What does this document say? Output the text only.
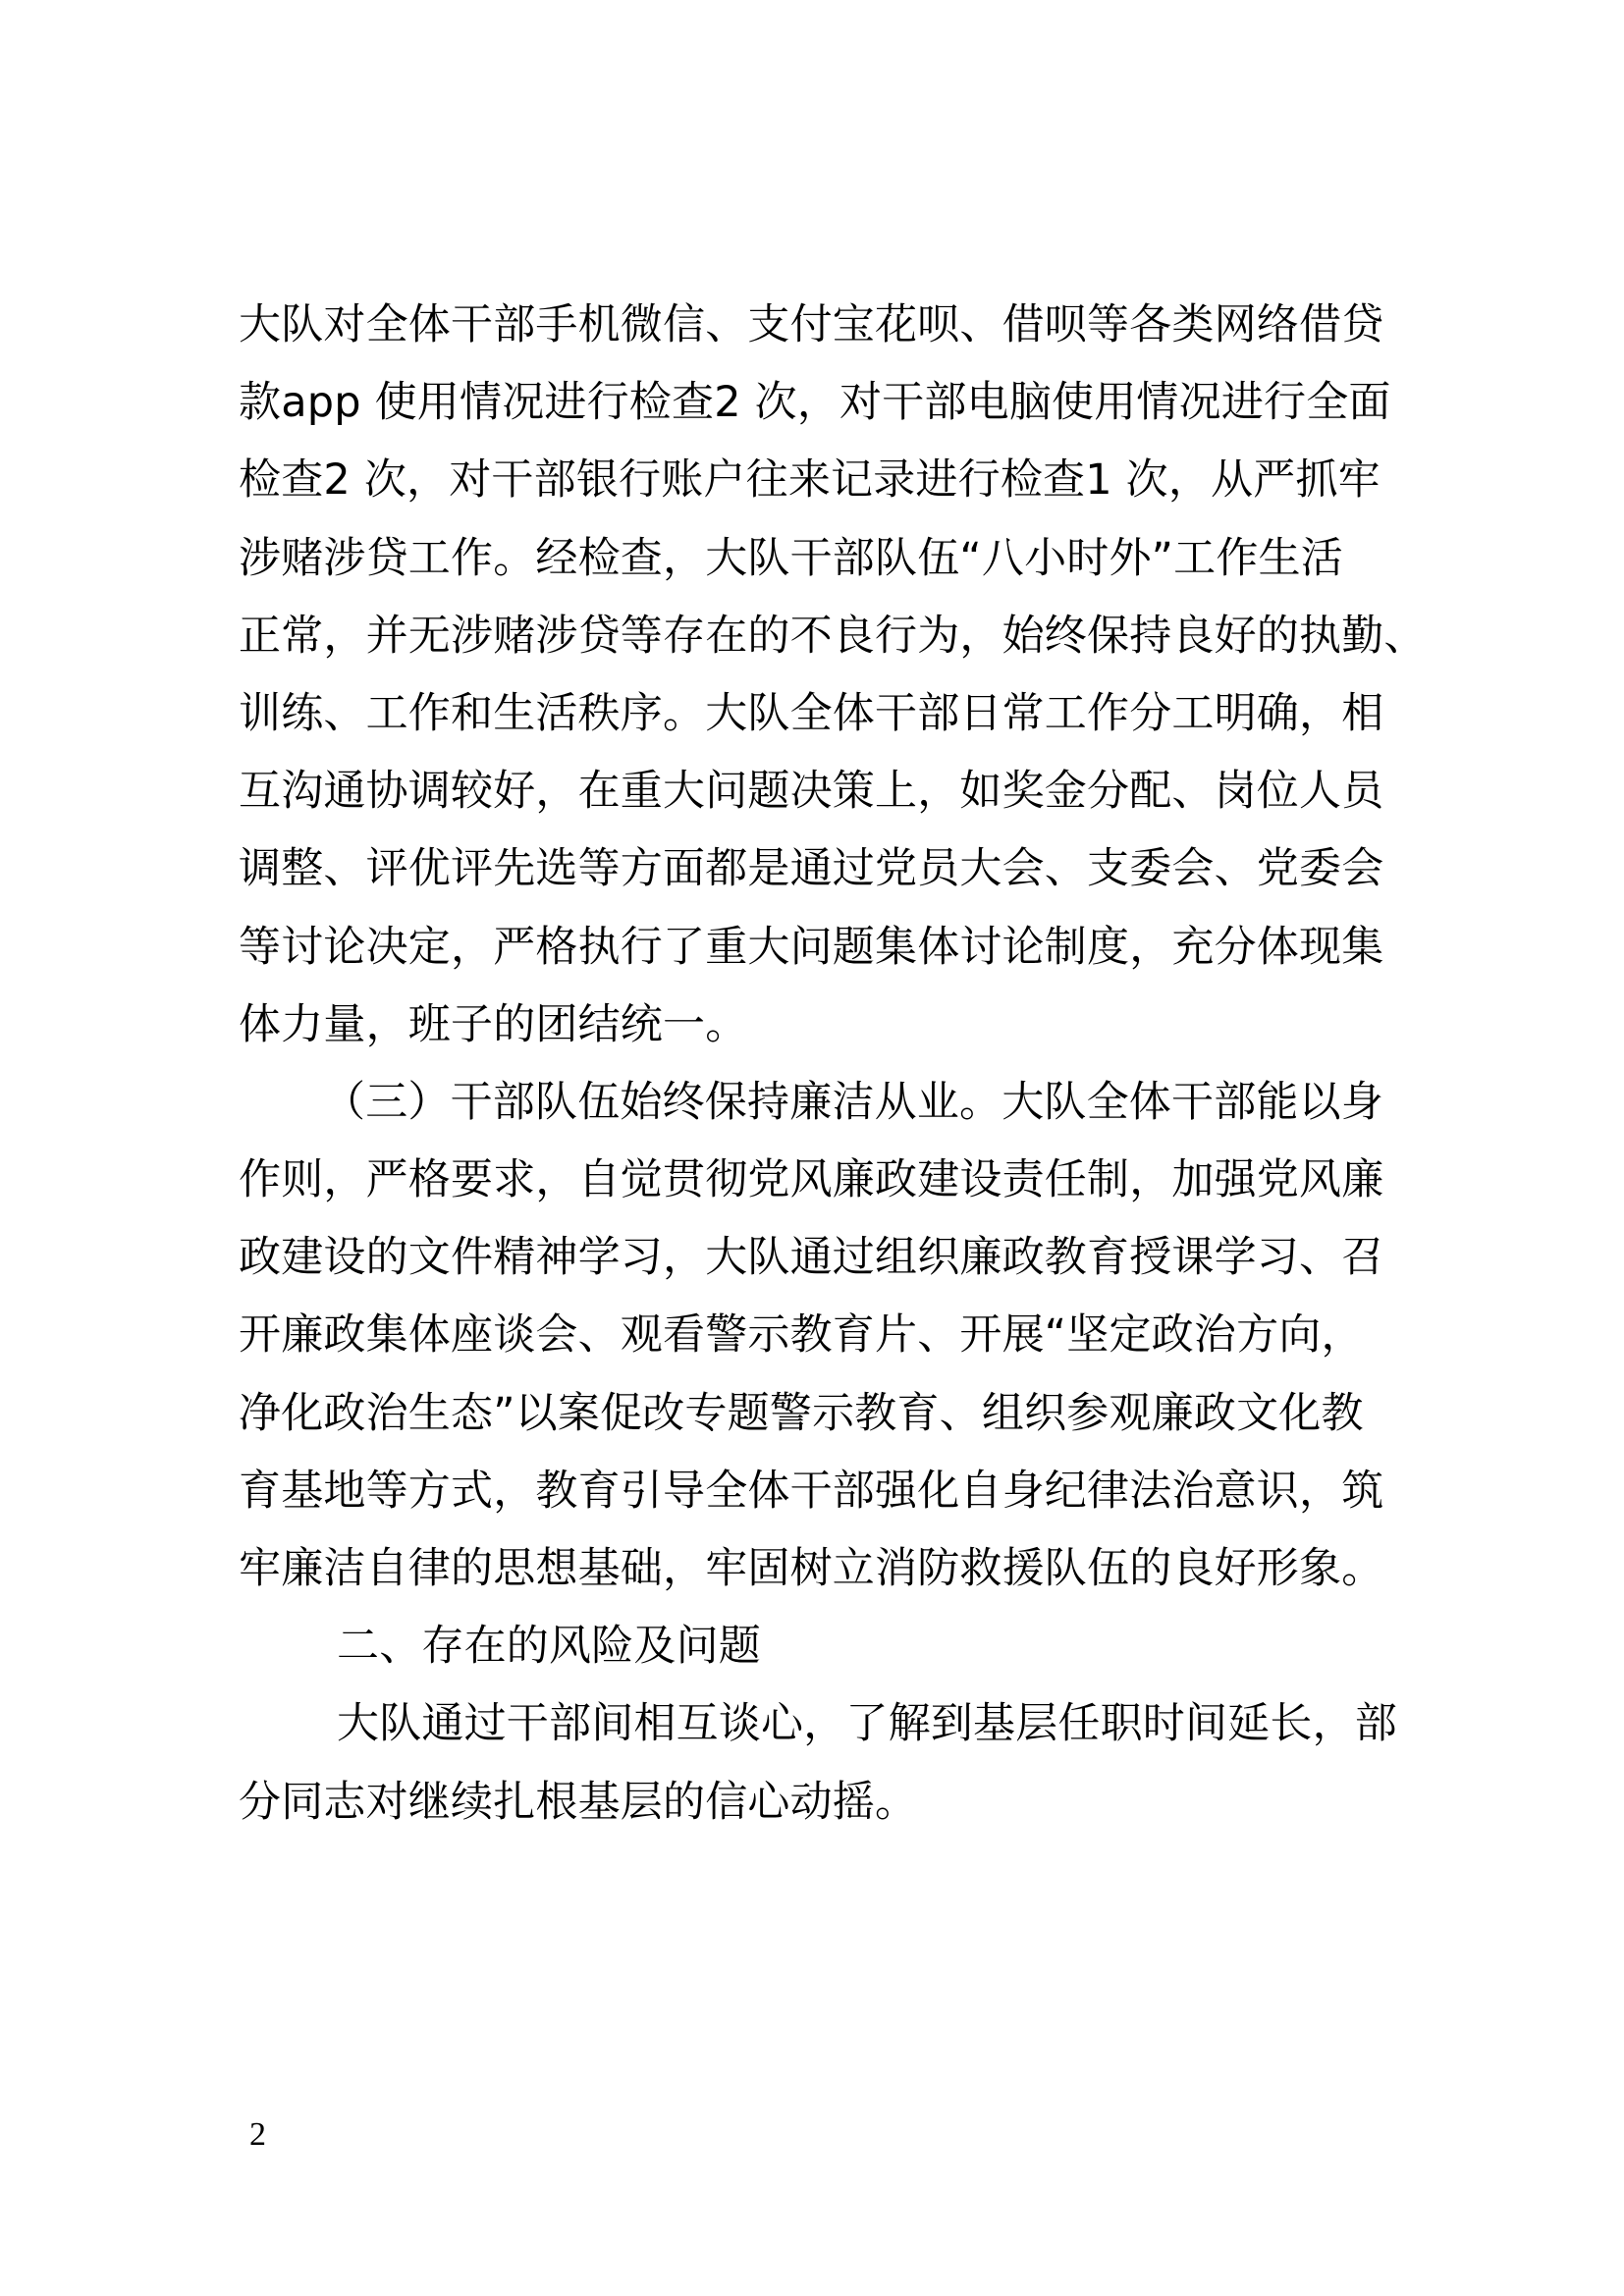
大队对全体干部手机微信、支付宝花呗、借呗等各类网络借贷
款app 使用情况进行检查2 次，对干部电脑使用情况进行全面
检查2 次，对干部银行账户往来记录进行检查1 次，从严抓牢
涉赌涉贷工作。经检查，大队干部队伍“八小时外”工作生活
正常，并无涉赌涉贷等存在的不良行为，始终保持良好的执勤、
训练、工作和生活秩序。大队全体干部日常工作分工明确，相
互沟通协调较好，在重大问题决策上，如奖金分配、岗位人员
调整、评优评先选等方面都是通过党员大会、支委会、党委会
等讨论决定，严格执行了重大问题集体讨论制度，充分体现集
体力量，班子的团结统一。
（三）干部队伍始终保持廉洁从业。大队全体干部能以身
作则，严格要求，自觉贯彻党风廉政建设责任制，加强党风廉
政建设的文件精神学习，大队通过组织廉政教育授课学习、召
开廉政集体座谈会、观看警示教育片、开展“坚定政治方向，
净化政治生态”以案促改专题警示教育、组织参观廉政文化教
育基地等方式，教育引导全体干部强化自身纪律法治意识，筑
牢廉洁自律的思想基础，牢固树立消防救援队伍的良好形象。
二、存在的风险及问题
大队通过干部间相互谈心，了解到基层任职时间延长，部
分同志对继续扎根基层的信心动摇。
2
